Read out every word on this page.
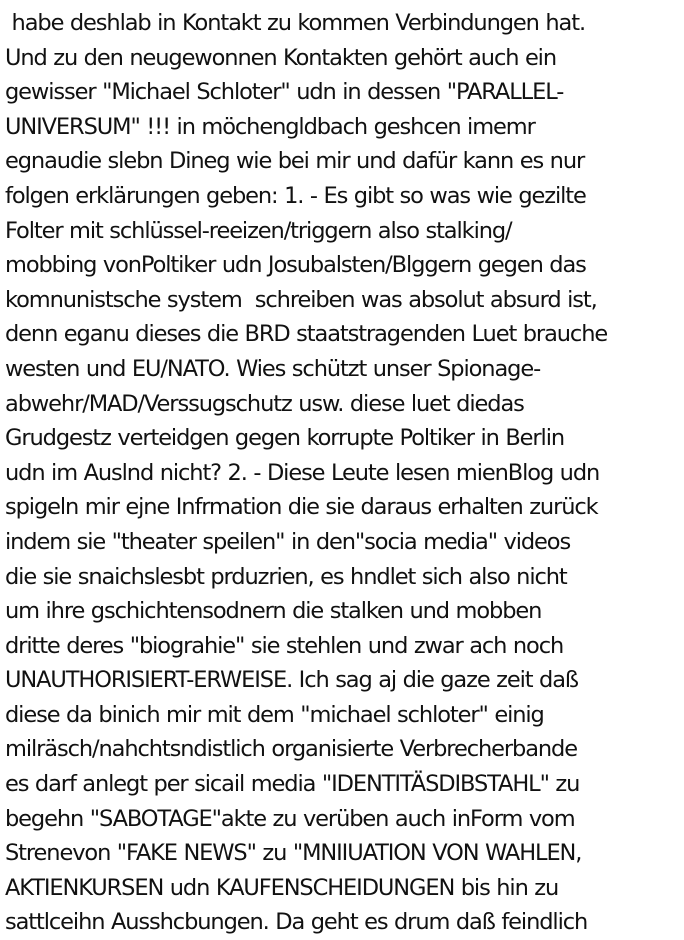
habe deshlab in Kontakt zu kommen Verbindungen hat.
Und zu den neugewonnen Kontakten gehört auch ein
gewisser "Michael Schloter" udn in dessen "PARALLEL-
UNIVERSUM" !!! in möchengldbach geshcen imemr
egnaudie slebn Dineg wie bei mir und dafür kann es nur
folgen erklärungen geben: 1. - Es gibt so was wie gezilte
Folter mit schlüssel-reeizen/triggern also stalking/
mobbing vonPoltiker udn Josubalsten/Blggern gegen das
komnunistsche system  schreiben was absolut absurd ist,
denn eganu dieses die BRD staatstragenden Luet brauche
westen und EU/NATO. Wies schützt unser Spionage-
abwehr/MAD/Verssugschutz usw. diese luet diedas
Grudgestz verteidgen gegen korrupte Poltiker in Berlin
udn im Auslnd nicht? 2. - Diese Leute lesen mienBlog udn
spigeln mir ejne Infrmation die sie daraus erhalten zurück
indem sie "theater speilen" in den"socia media" videos
die sie snaichslesbt prduzrien, es hndlet sich also nicht
um ihre gschichtensodnern die stalken und mobben
dritte deres "biograhie" sie stehlen und zwar ach noch
UNAUTHORISIERT-ERWEISE. Ich sag aj die gaze zeit daß
diese da binich mir mit dem "michael schloter" einig
milräsch/nahchtsndistlich organisierte Verbrecherbande
es darf anlegt per sicail media "IDENTITÄSDIBSTAHL" zu
begehn "SABOTAGE"akte zu verüben auch inForm vom
Strenevon "FAKE NEWS" zu "MNIIUATION VON WAHLEN,
AKTIENKURSEN udn KAUFENSCHEIDUNGEN bis hin zu
sattlceihn Ausshcbungen. Da geht es drum daß feindlich
